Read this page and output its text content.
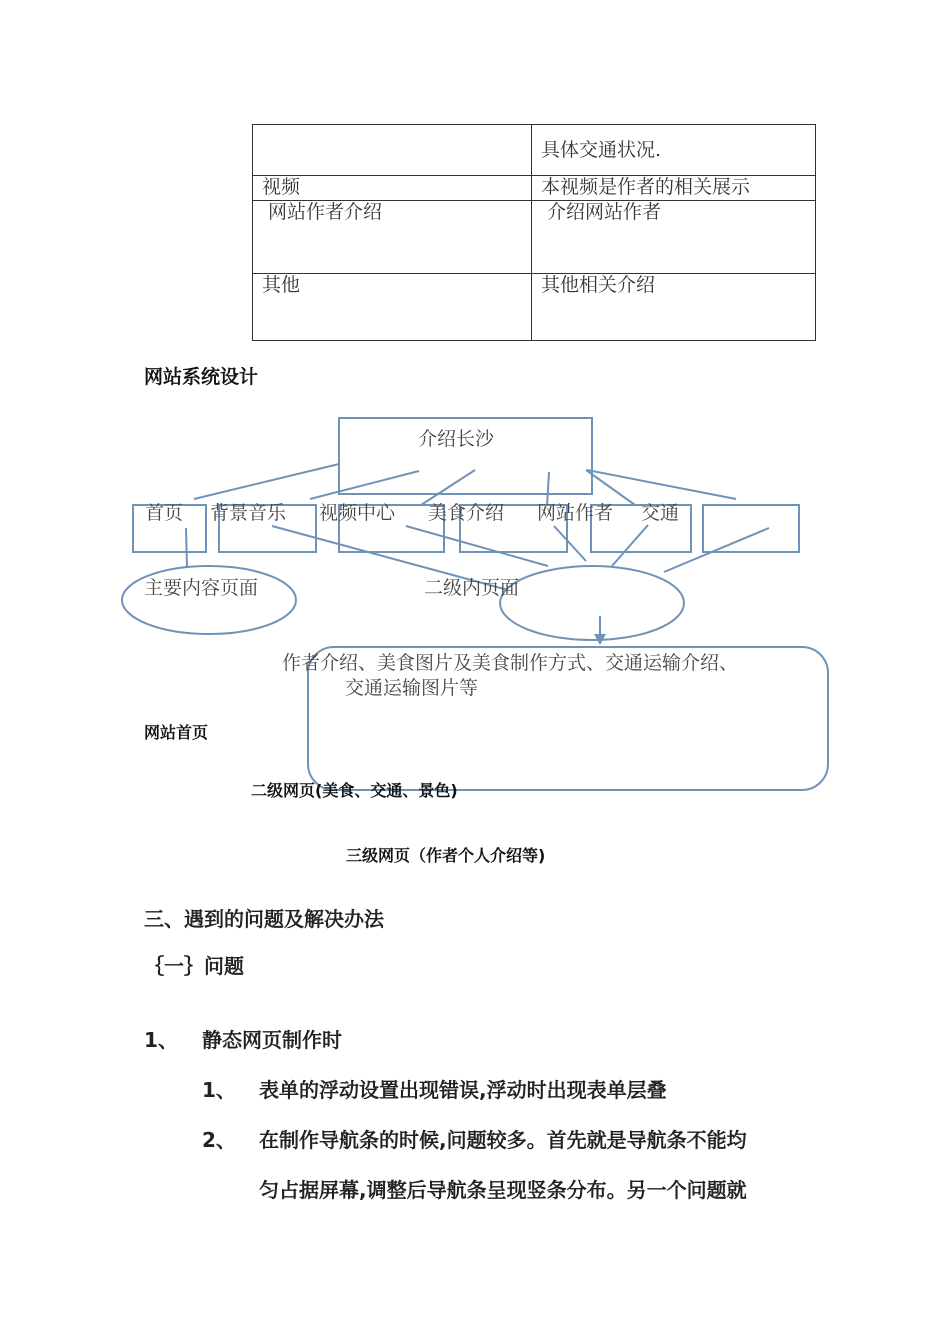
	具体交通状况.
视频	本视频是作者的相关展示
网站作者介绍	介绍网站作者
其他	其他相关介绍
网站系统设计
介绍长沙
首页 背景音乐 视频中心 美食介绍 网站作者 交通
主要内容页面	二级内页面
作者介绍、美食图片及美食制作方式、交通运输介绍、
交通运输图片等
网站首页
二级网页(美食、交通、景色)
三级网页（作者个人介绍等)
三、遇到的问题及解决办法
｛一｝问题
1、 静态网页制作时
1、 表单的浮动设置出现错误,浮动时出现表单层叠
2、 在制作导航条的时候,问题较多。首先就是导航条不能均
匀占据屏幕,调整后导航条呈现竖条分布。另一个问题就
